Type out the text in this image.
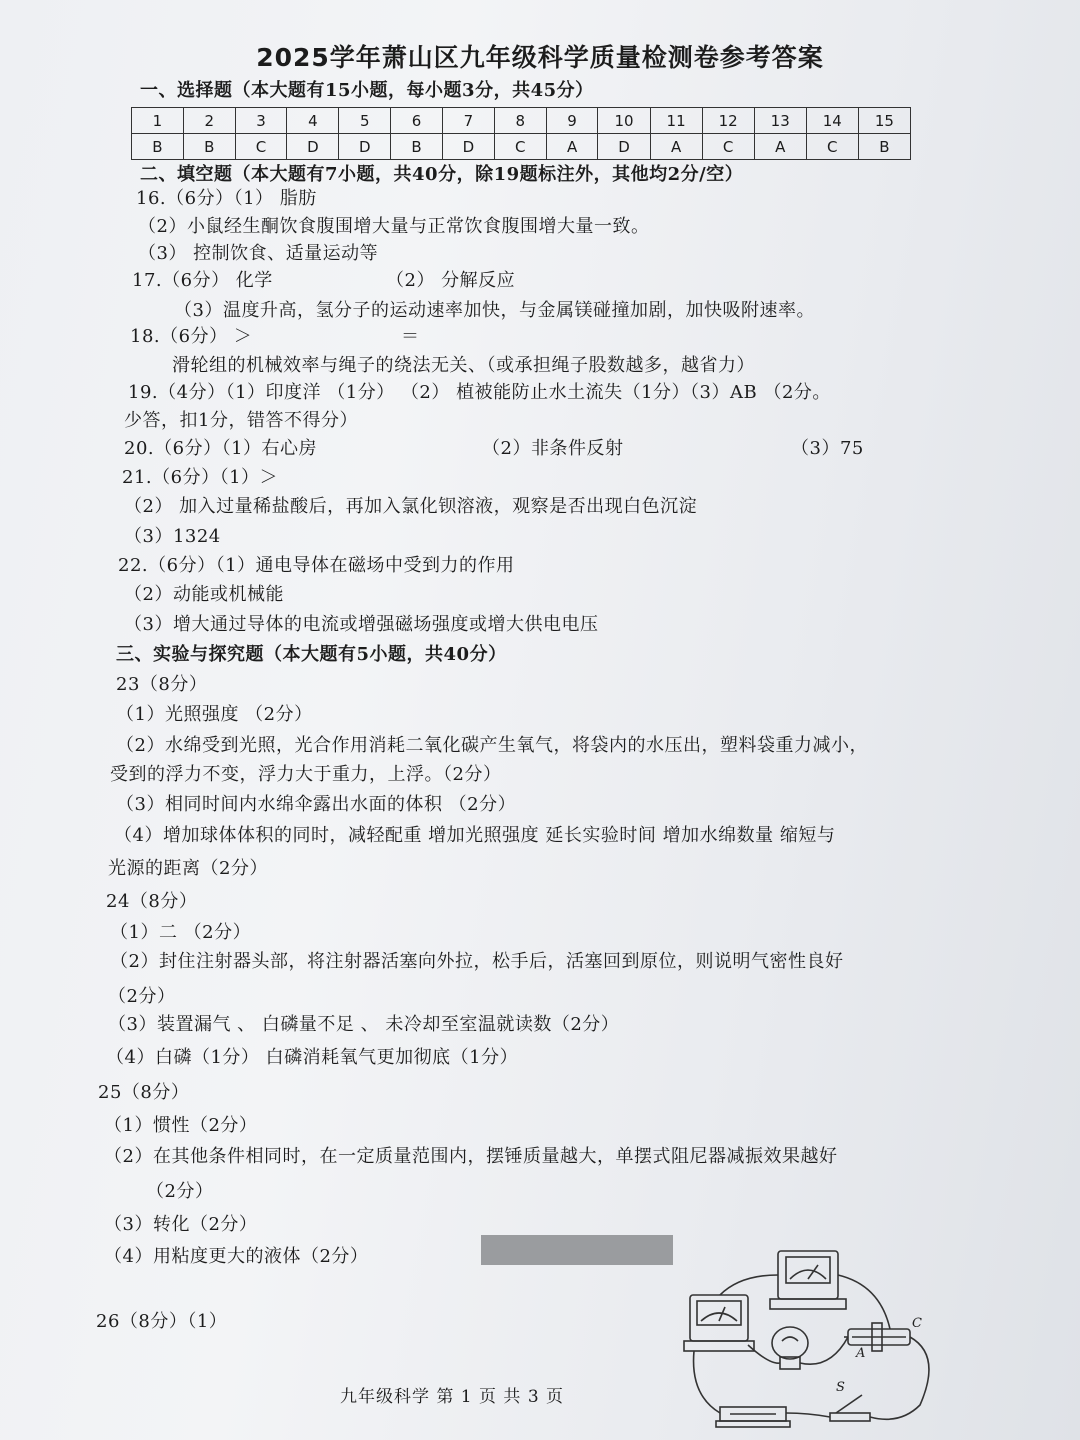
2025学年萧山区九年级科学质量检测卷参考答案
一、选择题（本大题有15小题，每小题3分，共45分）
1	2	3	4	5	6	7	8	9	10	11	12	13	14	15
B	B	C	D	D	B	D	C	A	D	A	C	A	C	B
二、填空题（本大题有7小题，共40分，除19题标注外，其他均2分/空）
16.（6分）（1） 脂肪
（2）小鼠经生酮饮食腹围增大量与正常饮食腹围增大量一致。
（3） 控制饮食、适量运动等
17.（6分） 化学	（2） 分解反应
（3）温度升高，氢分子的运动速率加快，与金属镁碰撞加剧，加快吸附速率。
18.（6分） ＞	＝
滑轮组的机械效率与绳子的绕法无关、（或承担绳子股数越多，越省力）
19.（4分）（1）印度洋 （1分） （2） 植被能防止水土流失（1分）（3）AB （2分。
少答，扣1分，错答不得分）
20.（6分）（1）右心房	（2）非条件反射	（3）75
21.（6分）（1）＞
（2） 加入过量稀盐酸后，再加入氯化钡溶液，观察是否出现白色沉淀
（3）1324
22.（6分）（1）通电导体在磁场中受到力的作用
（2）动能或机械能
（3）增大通过导体的电流或增强磁场强度或增大供电电压
三、实验与探究题（本大题有5小题，共40分）
23（8分）
（1）光照强度 （2分）
（2）水绵受到光照，光合作用消耗二氧化碳产生氧气，将袋内的水压出，塑料袋重力减小，
受到的浮力不变，浮力大于重力，上浮。（2分）
（3）相同时间内水绵伞露出水面的体积 （2分）
（4）增加球体体积的同时，减轻配重 增加光照强度 延长实验时间 增加水绵数量 缩短与
光源的距离（2分）
24（8分）
（1）二 （2分）
（2）封住注射器头部，将注射器活塞向外拉，松手后，活塞回到原位，则说明气密性良好
（2分）
（3）装置漏气 、 白磷量不足 、 未冷却至室温就读数（2分）
（4）白磷（1分） 白磷消耗氧气更加彻底（1分）
25（8分）
（1）惯性（2分）
（2）在其他条件相同时，在一定质量范围内，摆锤质量越大，单摆式阻尼器减振效果越好
（2分）
（3）转化（2分）
（4）用粘度更大的液体（2分）
26（8分）（1）	C
A
S
九年级科学 第 1 页 共 3 页
